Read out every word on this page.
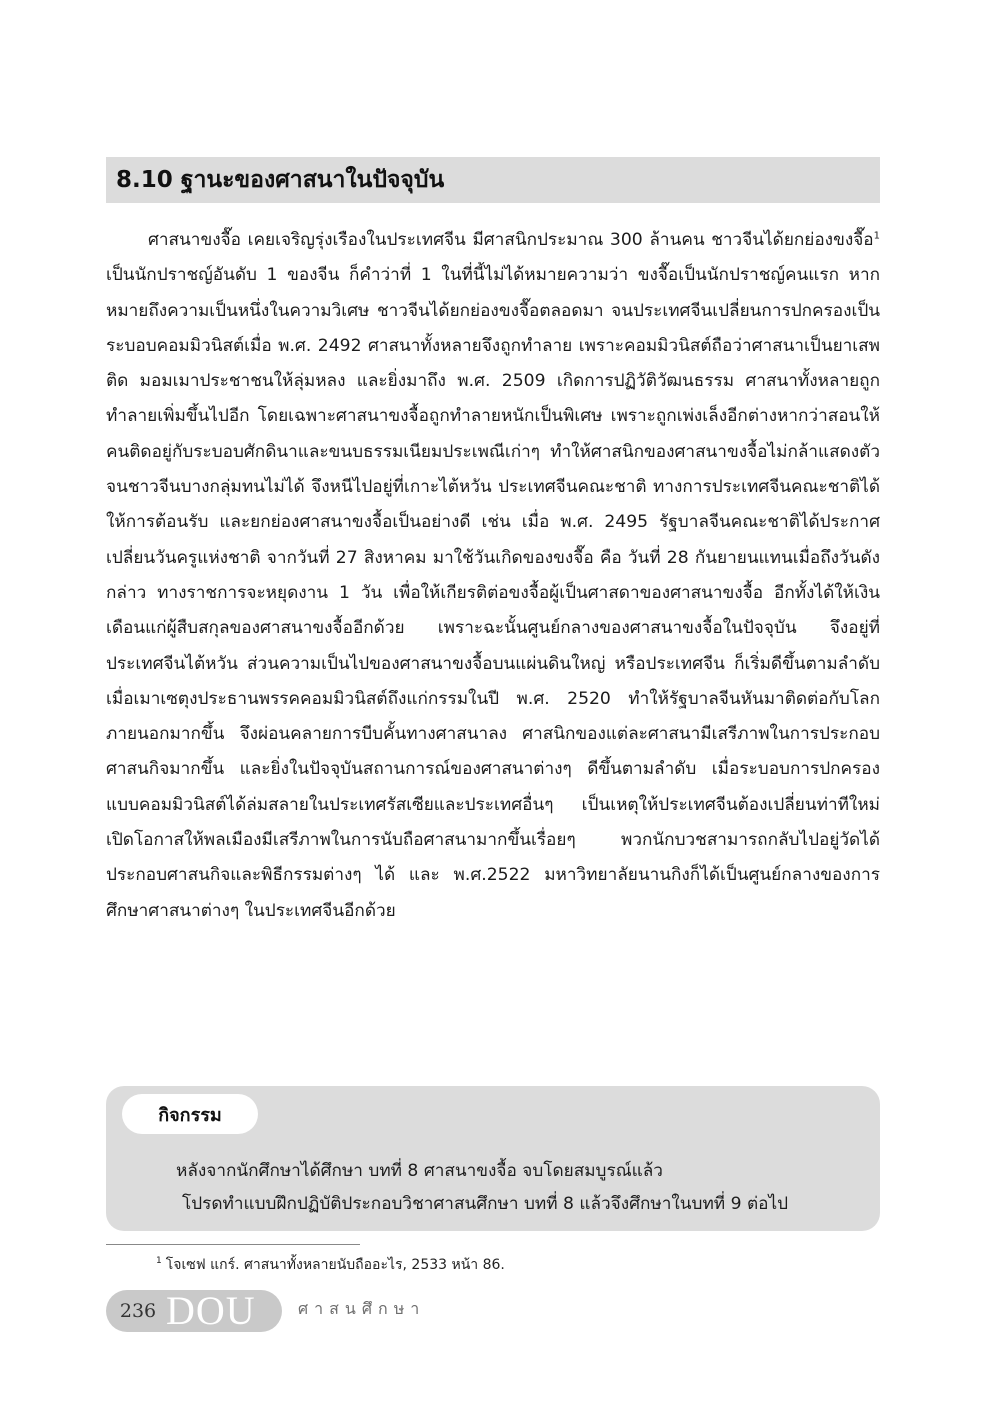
8.10 ฐานะของศาสนาในปัจจุบัน

ศาสนาขงจื๊อ เคยเจริญรุ่งเรืองในประเทศจีน มีศาสนิกประมาณ 300 ล้านคน ชาวจีนได้ยกย่องขงจื๊อ$^1$ เป็นนักปราชญ์อันดับ 1 ของจีน ก็คำว่าที่ 1 ในที่นี้ไม่ได้หมายความว่า ขงจื๊อเป็นนักปราชญ์คนแรก หากหมายถึงความเป็นหนึ่งในความวิเศษ ชาวจีนได้ยกย่องขงจื๊อตลอดมา จนประเทศจีนเปลี่ยนการปกครองเป็นระบอบคอมมิวนิสต์เมื่อ พ.ศ. 2492 ศาสนาทั้งหลายจึงถูกทำลาย เพราะคอมมิวนิสต์ถือว่าศาสนาเป็นยาเสพติด มอมเมาประชาชนให้ลุ่มหลง และยิ่งมาถึง พ.ศ. 2509 เกิดการปฏิวัติวัฒนธรรม ศาสนาทั้งหลายถูกทำลายเพิ่มขึ้นไปอีก โดยเฉพาะศาสนาขงจื้อถูกทำลายหนักเป็นพิเศษ เพราะถูกเพ่งเล็งอีกต่างหากว่าสอนให้คนติดอยู่กับระบอบศักดินาและขนบธรรมเนียมประเพณีเก่าๆ ทำให้ศาสนิกของศาสนาขงจื้อไม่กล้าแสดงตัวจนชาวจีนบางกลุ่มทนไม่ได้ จึงหนีไปอยู่ที่เกาะไต้หวัน ประเทศจีนคณะชาติ ทางการประเทศจีนคณะชาติได้ให้การต้อนรับ และยกย่องศาสนาขงจื้อเป็นอย่างดี เช่น เมื่อ พ.ศ. 2495 รัฐบาลจีนคณะชาติได้ประกาศเปลี่ยนวันครูแห่งชาติ จากวันที่ 27 สิงหาคม มาใช้วันเกิดของขงจื๊อ คือ วันที่ 28 กันยายนแทนเมื่อถึงวันดังกล่าว ทางราชการจะหยุดงาน 1 วัน เพื่อให้เกียรติต่อขงจื้อผู้เป็นศาสดาของศาสนาขงจื้อ อีกทั้งได้ให้เงินเดือนแก่ผู้สืบสกุลของศาสนาขงจื้ออีกด้วย เพราะฉะนั้นศูนย์กลางของศาสนาขงจื้อในปัจจุบัน จึงอยู่ที่ประเทศจีนไต้หวัน ส่วนความเป็นไปของศาสนาขงจื้อบนแผ่นดินใหญ่ หรือประเทศจีน ก็เริ่มดีขึ้นตามลำดับ เมื่อเมาเซตุงประธานพรรคคอมมิวนิสต์ถึงแก่กรรมในปี พ.ศ. 2520 ทำให้รัฐบาลจีนหันมาติดต่อกับโลกภายนอกมากขึ้น จึงผ่อนคลายการบีบคั้นทางศาสนาลง ศาสนิกของแต่ละศาสนามีเสรีภาพในการประกอบศาสนกิจมากขึ้น และยิ่งในปัจจุบันสถานการณ์ของศาสนาต่างๆ ดีขึ้นตามลำดับ เมื่อระบอบการปกครองแบบคอมมิวนิสต์ได้ล่มสลายในประเทศรัสเซียและประเทศอื่นๆ เป็นเหตุให้ประเทศจีนต้องเปลี่ยนท่าทีใหม่ เปิดโอกาสให้พลเมืองมีเสรีภาพในการนับถือศาสนามากขึ้นเรื่อยๆ พวกนักบวชสามารถกลับไปอยู่วัดได้ ประกอบศาสนกิจและพิธีกรรมต่างๆ ได้ และ พ.ศ.2522 มหาวิทยาลัยนานกิงก็ได้เป็นศูนย์กลางของการศึกษาศาสนาต่างๆ ในประเทศจีนอีกด้วย

กิจกรรม
หลังจากนักศึกษาได้ศึกษา บทที่ 8 ศาสนาขงจื้อ จบโดยสมบูรณ์แล้ว
โปรดทำแบบฝึกปฏิบัติประกอบวิชาศาสนศึกษา บทที่ 8 แล้วจึงศึกษาในบทที่ 9 ต่อไป
$^1$ โจเซฟ แกร์. ศาสนาทั้งหลายนับถืออะไร, 2533 หน้า 86.
236 DOU	ศาสนศึกษา
